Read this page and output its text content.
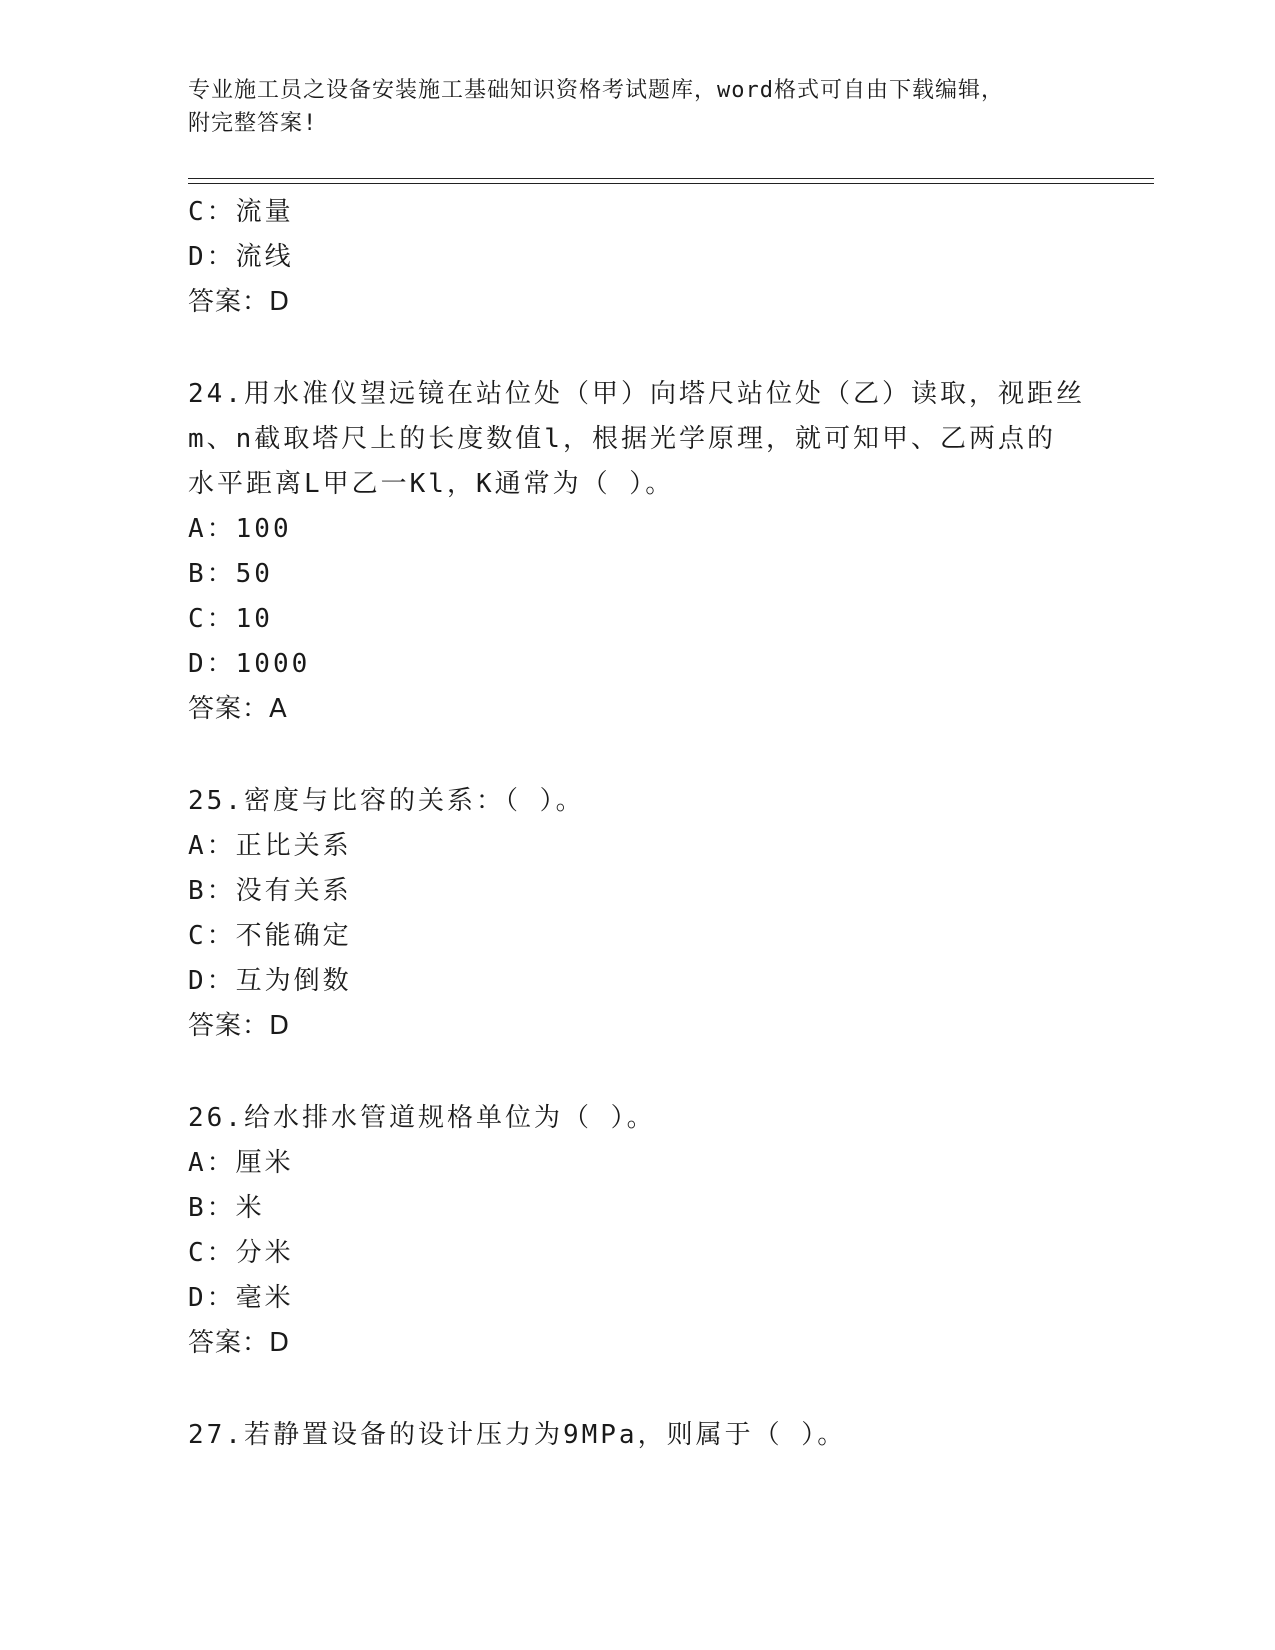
专业施工员之设备安装施工基础知识资格考试题库，word格式可自由下载编辑，
附完整答案!
C：流量
D：流线
答案：D
24.用水准仪望远镜在站位处（甲）向塔尺站位处（乙）读取，视距丝
m、n截取塔尺上的长度数值l，根据光学原理，就可知甲、乙两点的
水平距离L甲乙一Kl，K通常为（ ）。
A：100
B：50
C：10
D：1000
答案：A
25.密度与比容的关系：（ ）。
A：正比关系
B：没有关系
C：不能确定
D：互为倒数
答案：D
26.给水排水管道规格单位为（ ）。
A：厘米
B：米
C：分米
D：毫米
答案：D
27.若静置设备的设计压力为9MPa，则属于（ ）。
